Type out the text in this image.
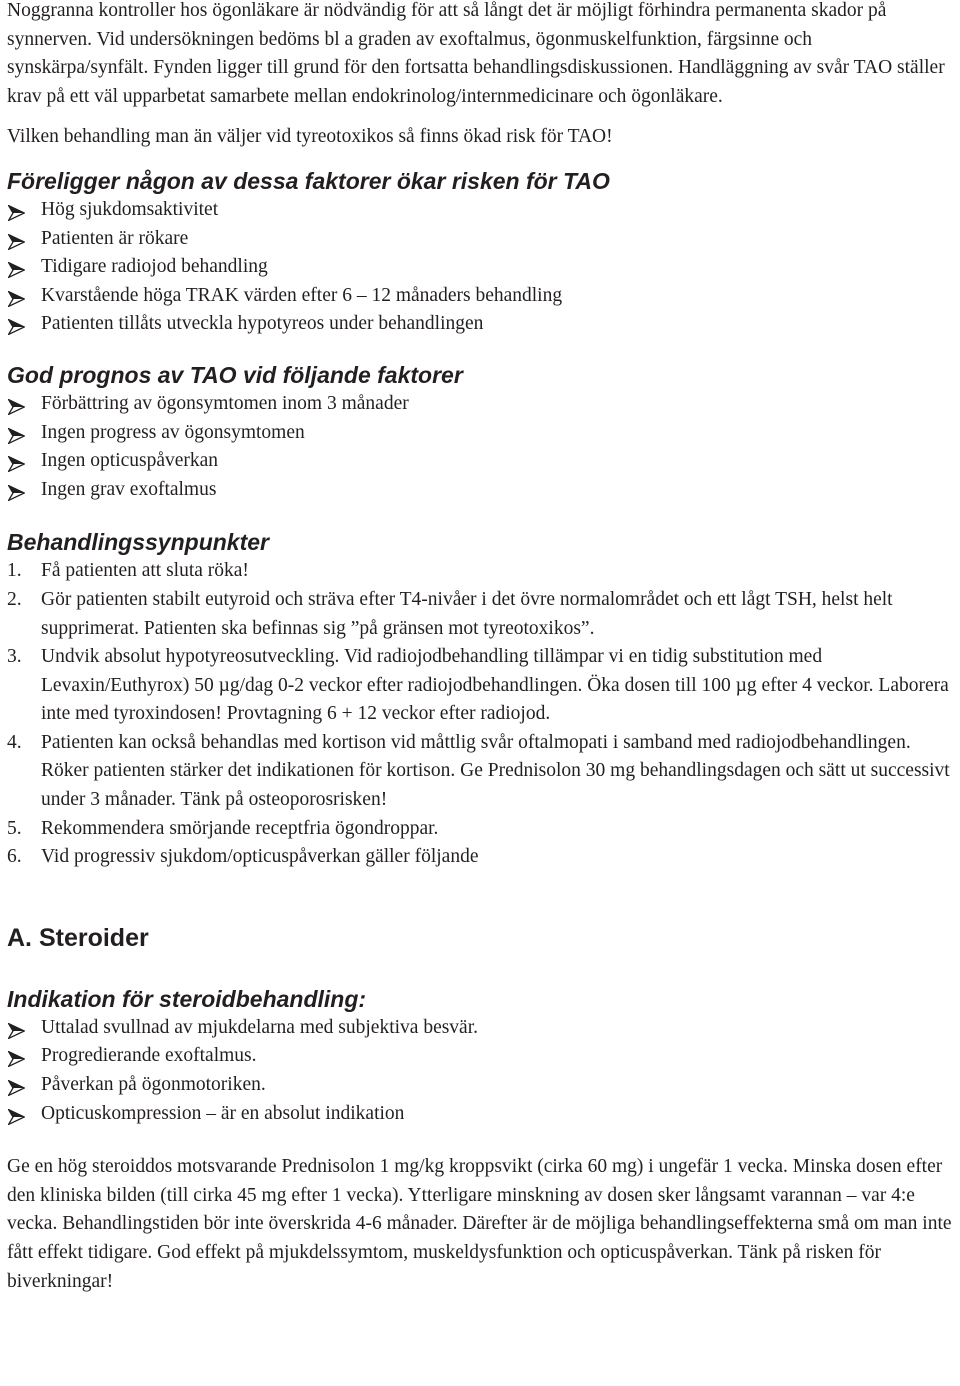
Noggranna kontroller hos ögonläkare är nödvändig för att så långt det är möjligt förhindra permanenta skador på synnerven. Vid undersökningen bedöms bl a graden av exoftalmus, ögonmuskelfunktion, färgsinne och synskärpa/synfält. Fynden ligger till grund för den fortsatta behandlingsdiskussionen. Handläggning av svår TAO ställer krav på ett väl upparbetat samarbete mellan endokrinolog/internmedicinare och ögonläkare.

Vilken behandling man än väljer vid tyreotoxikos så finns ökad risk för TAO!

Föreligger någon av dessa faktorer ökar risken för TAO
Hög sjukdomsaktivitet
Patienten är rökare
Tidigare radiojod behandling
Kvarstående höga TRAK värden efter 6 – 12 månaders behandling
Patienten tillåts utveckla hypotyreos under behandlingen
God prognos av TAO vid följande faktorer
Förbättring av ögonsymtomen inom 3 månader
Ingen progress av ögonsymtomen
Ingen opticuspåverkan
Ingen grav exoftalmus
Behandlingssynpunkter
1. Få patienten att sluta röka!
2. Gör patienten stabilt eutyroid och sträva efter T4-nivåer i det övre normalområdet och ett lågt TSH, helst helt supprimerat. Patienten ska befinnas sig ”på gränsen mot tyreotoxikos”.
3. Undvik absolut hypotyreosutveckling. Vid radiojodbehandling tillämpar vi en tidig substitution med Levaxin/Euthyrox) 50 µg/dag 0-2 veckor efter radiojodbehandlingen. Öka dosen till 100 µg efter 4 veckor. Laborera inte med tyroxindosen! Provtagning 6 + 12 veckor efter radiojod.
4. Patienten kan också behandlas med kortison vid måttlig svår oftalmopati i samband med radiojodbehandlingen. Röker patienten stärker det indikationen för kortison. Ge Prednisolon 30 mg behandlingsdagen och sätt ut successivt under 3 månader. Tänk på osteoporosrisken!
5. Rekommendera smörjande receptfria ögondroppar.
6. Vid progressiv sjukdom/opticuspåverkan gäller följande
A. Steroider
Indikation för steroidbehandling:
Uttalad svullnad av mjukdelarna med subjektiva besvär.
Progredierande exoftalmus.
Påverkan på ögonmotoriken.
Opticuskompression – är en absolut indikation

Ge en hög steroiddos motsvarande Prednisolon 1 mg/kg kroppsvikt (cirka 60 mg) i ungefär 1 vecka. Minska dosen efter den kliniska bilden (till cirka 45 mg efter 1 vecka). Ytterligare minskning av dosen sker långsamt varannan – var 4:e vecka. Behandlingstiden bör inte överskrida 4-6 månader. Därefter är de möjliga behandlingseffekterna små om man inte fått effekt tidigare. God effekt på mjukdelssymtom, muskeldysfunktion och opticuspåverkan. Tänk på risken för biverkningar!
